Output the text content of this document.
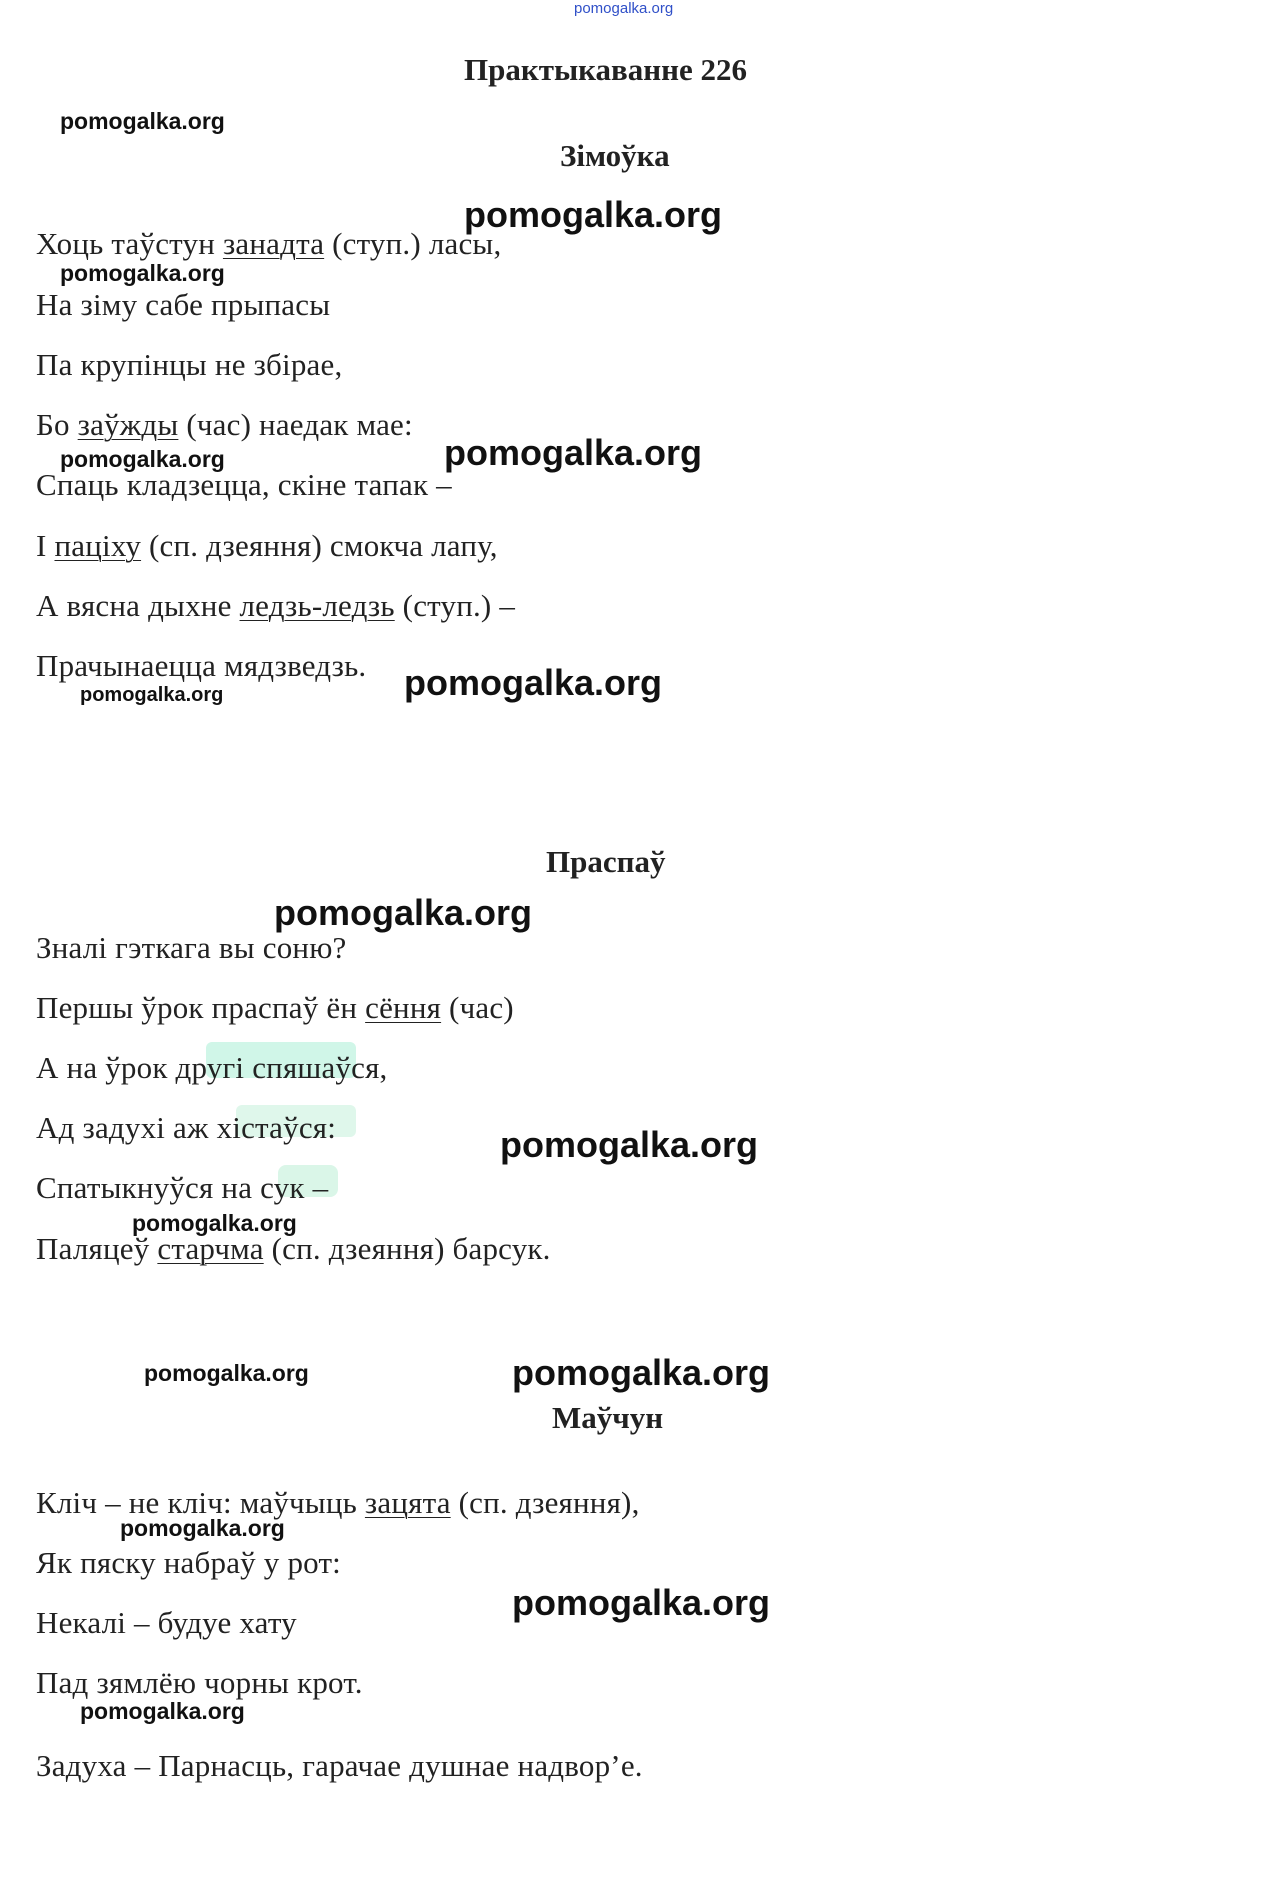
pomogalka.org
Практыкаванне 226
Зімоўка
Хоць таўстун занадта (ступ.) ласы,
На зіму сабе прыпасы
Па крупінцы не збірае,
Бо заўжды (час) наедак мае:
Спаць кладзецца, скіне тапак –
І паціху (сп. дзеяння) смокча лапу,
А вясна дыхне ледзь-ледзь (ступ.) –
Прачынаецца мядзведзь.
Праспаў
Зналі гэткага вы соню?
Першы ўрок праспаў ён сёння (час)
А на ўрок другі спяшаўся,
Ад задухі аж хістаўся:
Спатыкнуўся на сук –
Паляцеў старчма (сп. дзеяння) барсук.
Маўчун
Кліч – не кліч: маўчыць зацята (сп. дзеяння),
Як пяску набраў у рот:
Некалі – будуе хату
Пад зямлёю чорны крот.
Задуха – Парнасць, гарачае душнае надвор’е.
pomogalka.org
pomogalka.org
pomogalka.org
pomogalka.org	pomogalka.org
pomogalka.org	pomogalka.org
pomogalka.org
pomogalka.org
pomogalka.org
pomogalka.org	pomogalka.org
pomogalka.org
pomogalka.org
pomogalka.org
